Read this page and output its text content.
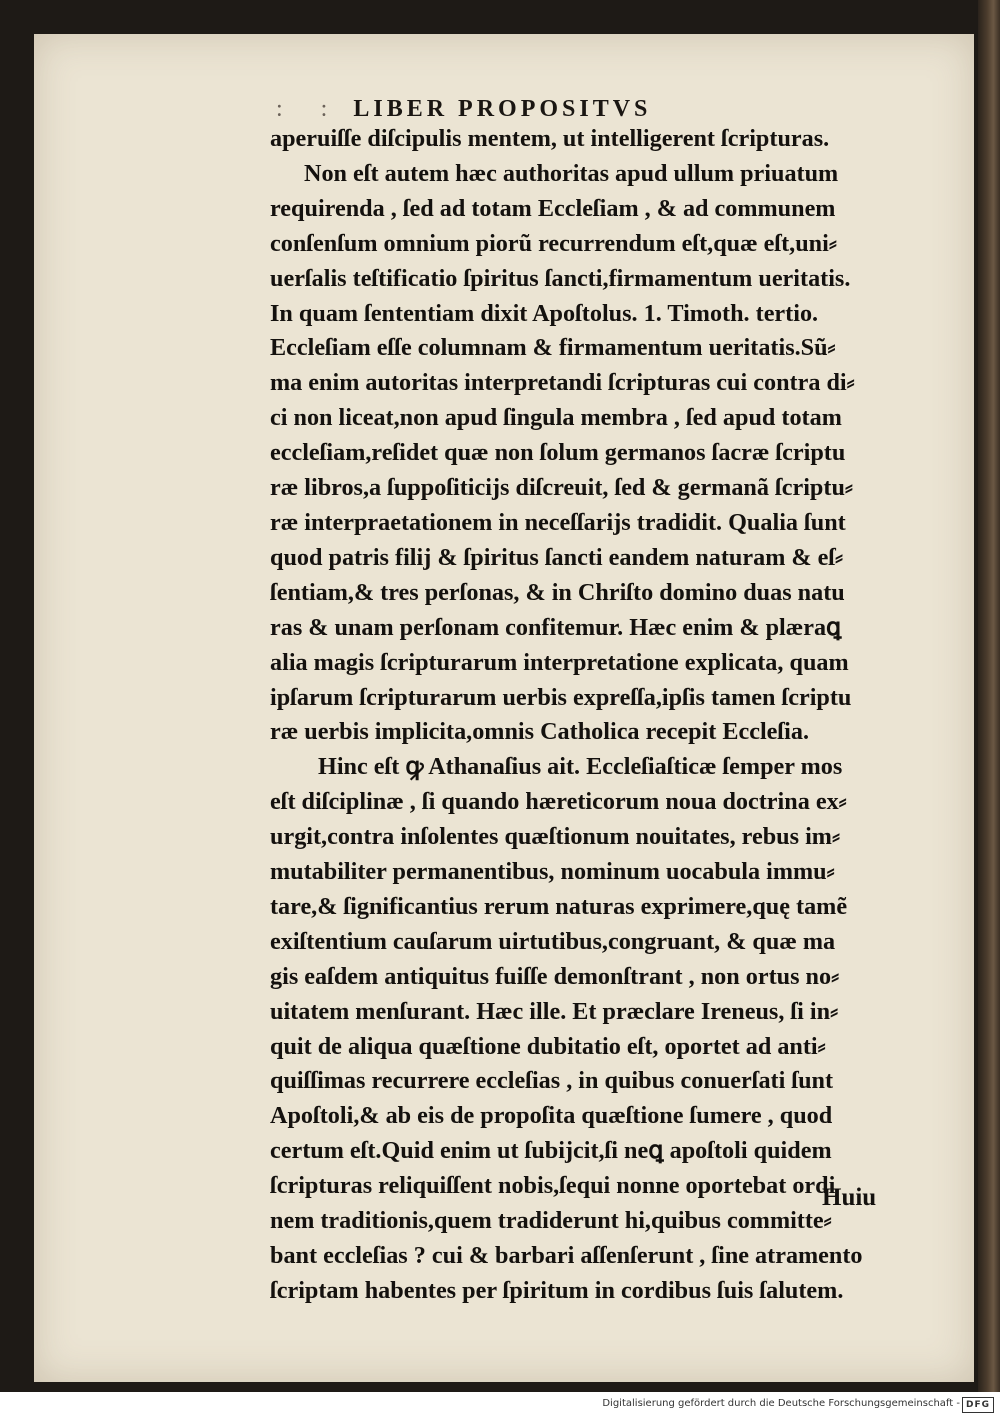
: : LIBER PROPOSITVS
aperuiſſe diſcipulis mentem, ut intelligerent ſcripturas.
Non eſt autem hæc authoritas apud ullum priuatum
requirenda , ſed ad totam Eccleſiam , & ad communem
conſenſum omnium piorũ recurrendum eſt,quæ eſt,uni⸗
uerſalis teſtificatio ſpiritus ſancti,firmamentum ueritatis.
In quam ſententiam dixit Apoſtolus. 1. Timoth. tertio.
Eccleſiam eſſe columnam & firmamentum ueritatis.Sũ⸗
ma enim autoritas interpretandi ſcripturas cui contra di⸗
ci non liceat,non apud ſingula membra , ſed apud totam
eccleſiam,reſidet quæ non ſolum germanos ſacræ ſcriptu
ræ libros,a ſuppoſiticijs diſcreuit, ſed & germanã ſcriptu⸗
ræ interpraetationem in neceſſarijs tradidit. Qualia ſunt
quod patris filij & ſpiritus ſancti eandem naturam & eſ⸗
ſentiam,& tres perſonas, & in Chriſto domino duas natu
ras & unam perſonam confitemur. Hæc enim & plæraꝗ
alia magis ſcripturarum interpretatione explicata, quam
ipſarum ſcripturarum uerbis expreſſa,ipſis tamen ſcriptu
ræ uerbis implicita,omnis Catholica recepit Eccleſia.
Hinc eſt ꝙ Athanaſius ait. Eccleſiaſticæ ſemper mos
eſt diſciplinæ , ſi quando hæreticorum noua doctrina ex⸗
urgit,contra inſolentes quæſtionum nouitates, rebus im⸗
mutabiliter permanentibus, nominum uocabula immu⸗
tare,& ſignificantius rerum naturas exprimere,quę tamẽ
exiſtentium cauſarum uirtutibus,congruant, & quæ ma
gis eaſdem antiquitus fuiſſe demonſtrant , non ortus no⸗
uitatem menſurant. Hæc ille. Et præclare Ireneus, ſi in⸗
quit de aliqua quæſtione dubitatio eſt, oportet ad anti⸗
quiſſimas recurrere eccleſias , in quibus conuerſati ſunt
Apoſtoli,& ab eis de propoſita quæſtione ſumere , quod
certum eſt.Quid enim ut ſubijcit,ſi neꝗ apoſtoli quidem
ſcripturas reliquiſſent nobis,ſequi nonne oportebat ordi
nem traditionis,quem tradiderunt hi,quibus committe⸗
bant eccleſias ? cui & barbari aſſenſerunt , ſine atramento
ſcriptam habentes per ſpiritum in cordibus ſuis ſalutem.
Huiu
Digitalisierung gefördert durch die Deutsche Forschungsgemeinschaft - DFG
